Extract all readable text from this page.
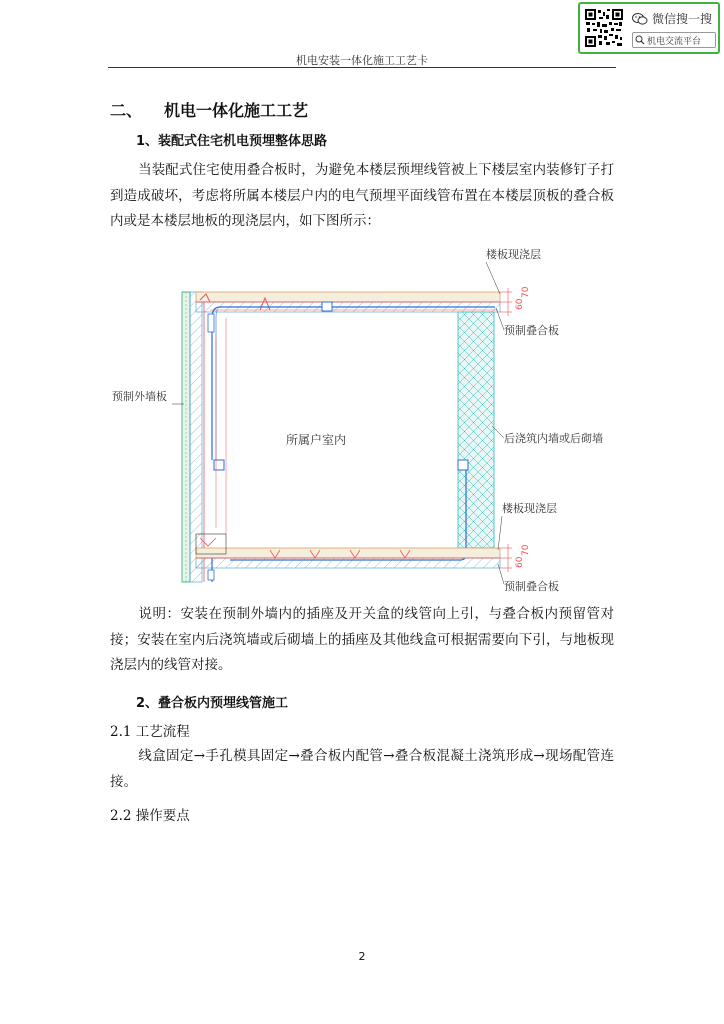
微信搜一搜
机电交流平台
机电安装一体化施工工艺卡
二、 机电一体化施工工艺
1、装配式住宅机电预埋整体思路
当装配式住宅使用叠合板时，为避免本楼层预埋线管被上下楼层室内装修钉子打到造成破坏，考虑将所属本楼层户内的电气预埋平面线管布置在本楼层顶板的叠合板内或是本楼层地板的现浇层内，如下图所示：
60
70
60
70
楼板现浇层
预制叠合板
预制外墙板
所属户室内	后浇筑内墙或后砌墙
楼板现浇层
预制叠合板
说明：安装在预制外墙内的插座及开关盒的线管向上引，与叠合板内预留管对接；安装在室内后浇筑墙或后砌墙上的插座及其他线盒可根据需要向下引，与地板现浇层内的线管对接。
2、叠合板内预埋线管施工
2.1 工艺流程
线盒固定→手孔模具固定→叠合板内配管→叠合板混凝土浇筑形成→现场配管连接。
2.2 操作要点
2
